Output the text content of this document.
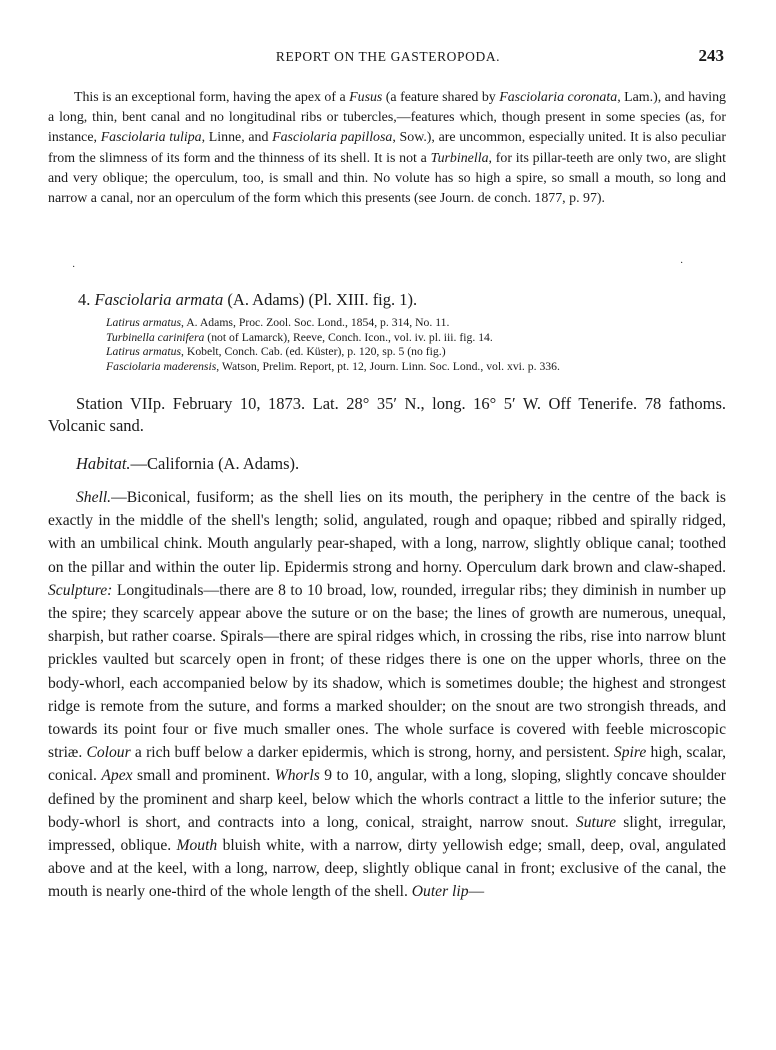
REPORT ON THE GASTEROPODA.	243

This is an exceptional form, having the apex of a Fusus (a feature shared by Fasciolaria coronata, Lam.), and having a long, thin, bent canal and no longitudinal ribs or tubercles,—features which, though present in some species (as, for instance, Fasciolaria tulipa, Linne, and Fasciolaria papillosa, Sow.), are uncommon, especially united. It is also peculiar from the slimness of its form and the thinness of its shell. It is not a Turbinella, for its pillar-teeth are only two, are slight and very oblique; the operculum, too, is small and thin. No volute has so high a spire, so small a mouth, so long and narrow a canal, nor an operculum of the form which this presents (see Journ. de conch. 1877, p. 97).

·	·
4. Fasciolaria armata (A. Adams) (Pl. XIII. fig. 1).
Latirus armatus, A. Adams, Proc. Zool. Soc. Lond., 1854, p. 314, No. 11.
Turbinella carinifera (not of Lamarck), Reeve, Conch. Icon., vol. iv. pl. iii. fig. 14.
Latirus armatus, Kobelt, Conch. Cab. (ed. Küster), p. 120, sp. 5 (no fig.)
Fasciolaria maderensis, Watson, Prelim. Report, pt. 12, Journ. Linn. Soc. Lond., vol. xvi. p. 336.

Station VIIp. February 10, 1873. Lat. 28° 35′ N., long. 16° 5′ W. Off Tenerife. 78 fathoms. Volcanic sand.

Habitat.—California (A. Adams).

Shell.—Biconical, fusiform; as the shell lies on its mouth, the periphery in the centre of the back is exactly in the middle of the shell's length; solid, angulated, rough and opaque; ribbed and spirally ridged, with an umbilical chink. Mouth angularly pear-shaped, with a long, narrow, slightly oblique canal; toothed on the pillar and within the outer lip. Epidermis strong and horny. Operculum dark brown and claw-shaped. Sculpture: Longitudinals—there are 8 to 10 broad, low, rounded, irregular ribs; they diminish in number up the spire; they scarcely appear above the suture or on the base; the lines of growth are numerous, unequal, sharpish, but rather coarse. Spirals—there are spiral ridges which, in crossing the ribs, rise into narrow blunt prickles vaulted but scarcely open in front; of these ridges there is one on the upper whorls, three on the body-whorl, each accompanied below by its shadow, which is sometimes double; the highest and strongest ridge is remote from the suture, and forms a marked shoulder; on the snout are two strongish threads, and towards its point four or five much smaller ones. The whole surface is covered with feeble microscopic striæ. Colour a rich buff below a darker epidermis, which is strong, horny, and persistent. Spire high, scalar, conical. Apex small and prominent. Whorls 9 to 10, angular, with a long, sloping, slightly concave shoulder defined by the prominent and sharp keel, below which the whorls contract a little to the inferior suture; the body-whorl is short, and contracts into a long, conical, straight, narrow snout. Suture slight, irregular, impressed, oblique. Mouth bluish white, with a narrow, dirty yellowish edge; small, deep, oval, angulated above and at the keel, with a long, narrow, deep, slightly oblique canal in front; exclusive of the canal, the mouth is nearly one-third of the whole length of the shell. Outer lip—
